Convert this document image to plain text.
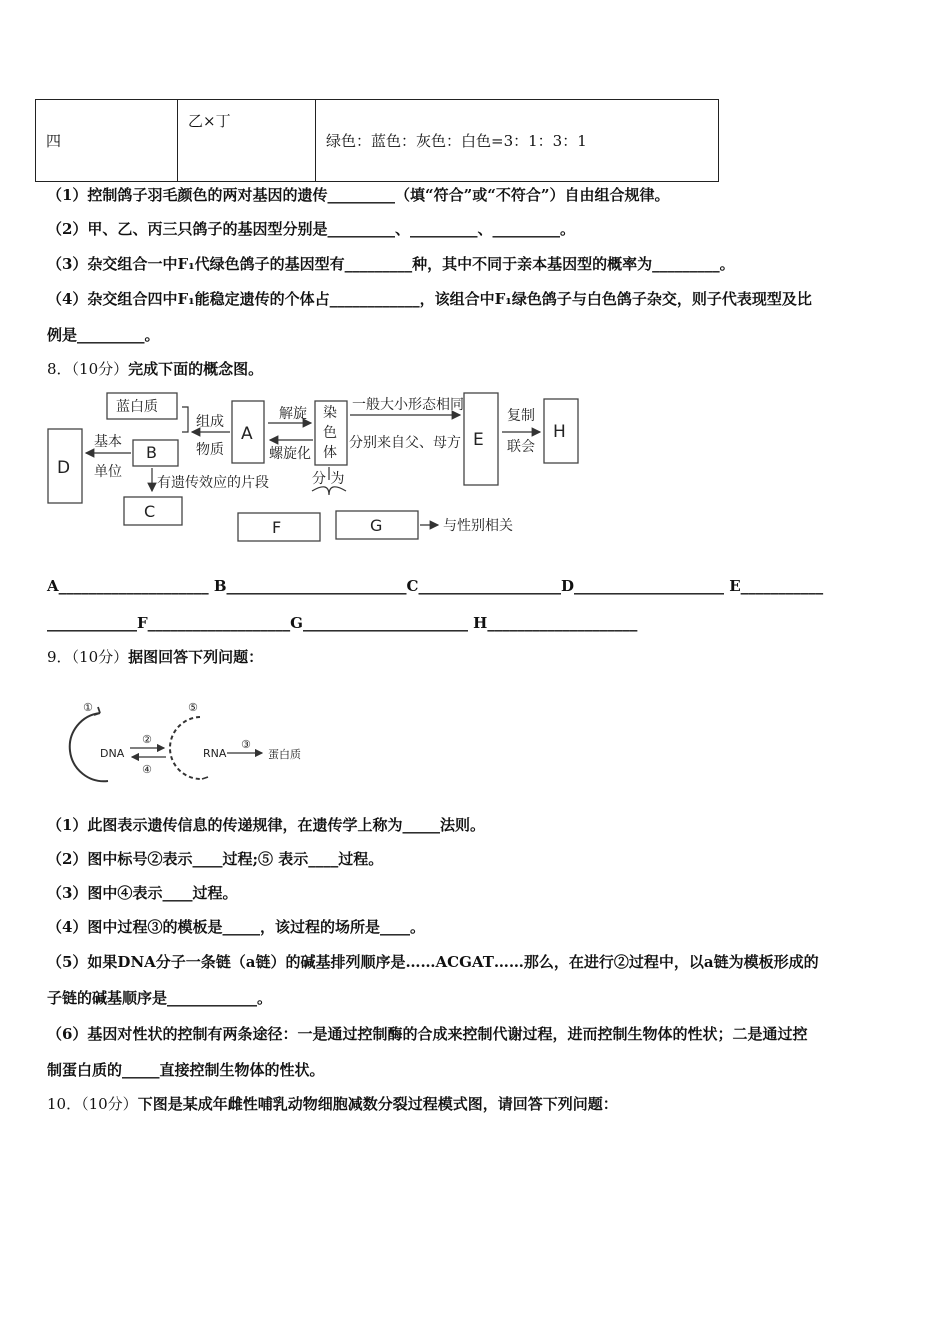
四	乙×丁	绿色：蓝色：灰色：白色=3：1：3：1
（1）控制鸽子羽毛颜色的两对基因的遗传_________（填“符合”或“不符合”）自由组合规律。
（2）甲、乙、丙三只鸽子的基因型分别是_________、_________、_________。
（3）杂交组合一中F₁代绿色鸽子的基因型有_________种，其中不同于亲本基因型的概率为_________。
（4）杂交组合四中F₁能稳定遗传的个体占____________，该组合中F₁绿色鸽子与白色鸽子杂交，则子代表现型及比
例是_________。
8．（10分）完成下面的概念图。
蓝白质
组成
物质
A
解旋
螺旋化
染
色
体
一般大小形态相同
分别来自父、母方 E
复制
联会
H
D
基本
单位
B
有遗传效应的片段
C
分 为
F	G	与性别相关
A____________________ B________________________C___________________D____________________ E___________
____________F___________________G______________________ H____________________
9．（10分）据图回答下列问题：
①
②
④
⑤
③
DNA	RNA	蛋白质
（1）此图表示遗传信息的传递规律，在遗传学上称为_____法则。
（2）图中标号②表示____过程;⑤ 表示____过程。
（3）图中④表示____过程。
（4）图中过程③的模板是_____，该过程的场所是____。
（5）如果DNA分子一条链（a链）的碱基排列顺序是……ACGAT……那么，在进行②过程中，以a链为模板形成的
子链的碱基顺序是____________。
（6）基因对性状的控制有两条途径：一是通过控制酶的合成来控制代谢过程，进而控制生物体的性状；二是通过控
制蛋白质的_____直接控制生物体的性状。
10．（10分）下图是某成年雌性哺乳动物细胞减数分裂过程模式图，请回答下列问题：
